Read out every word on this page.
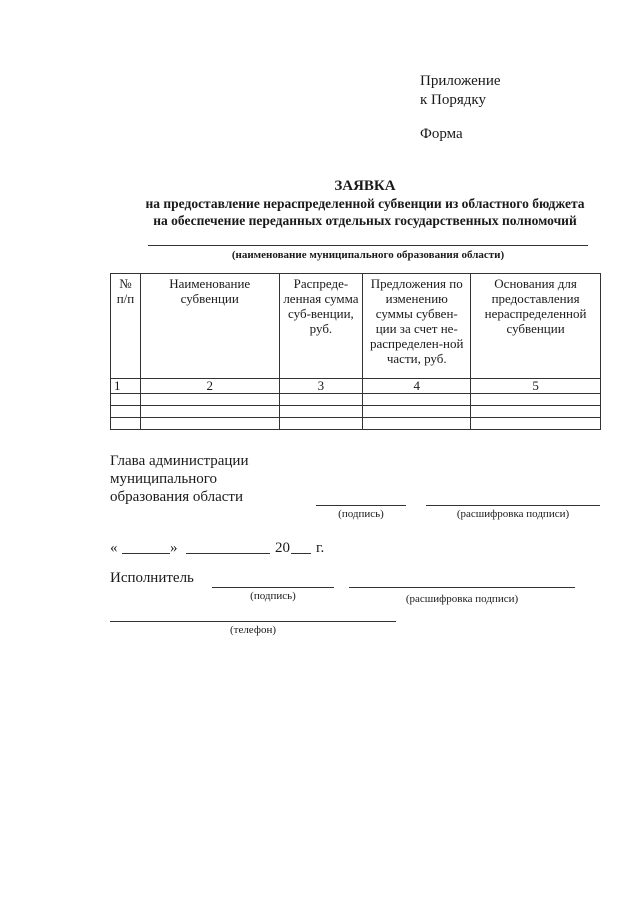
Приложение
к Порядку
Форма
ЗАЯВКА
на предоставление нераспределенной субвенции из областного бюджета
на обеспечение переданных отдельных государственных полномочий
(наименование муниципального образования области)
№ п/п	Наименование субвенции	Распреде-ленная сумма суб-венции, руб.	Предложения по изменению суммы субвен-ции за счет не-распределен-ной части, руб.	Основания для предоставления нераспределенной субвенции
1	2	3	4	5

Глава администрации
муниципального
образования области
(подпись)	(расшифровка подписи)
«	»	20 г.
Исполнитель
(подпись)	(расшифровка подписи)
(телефон)
